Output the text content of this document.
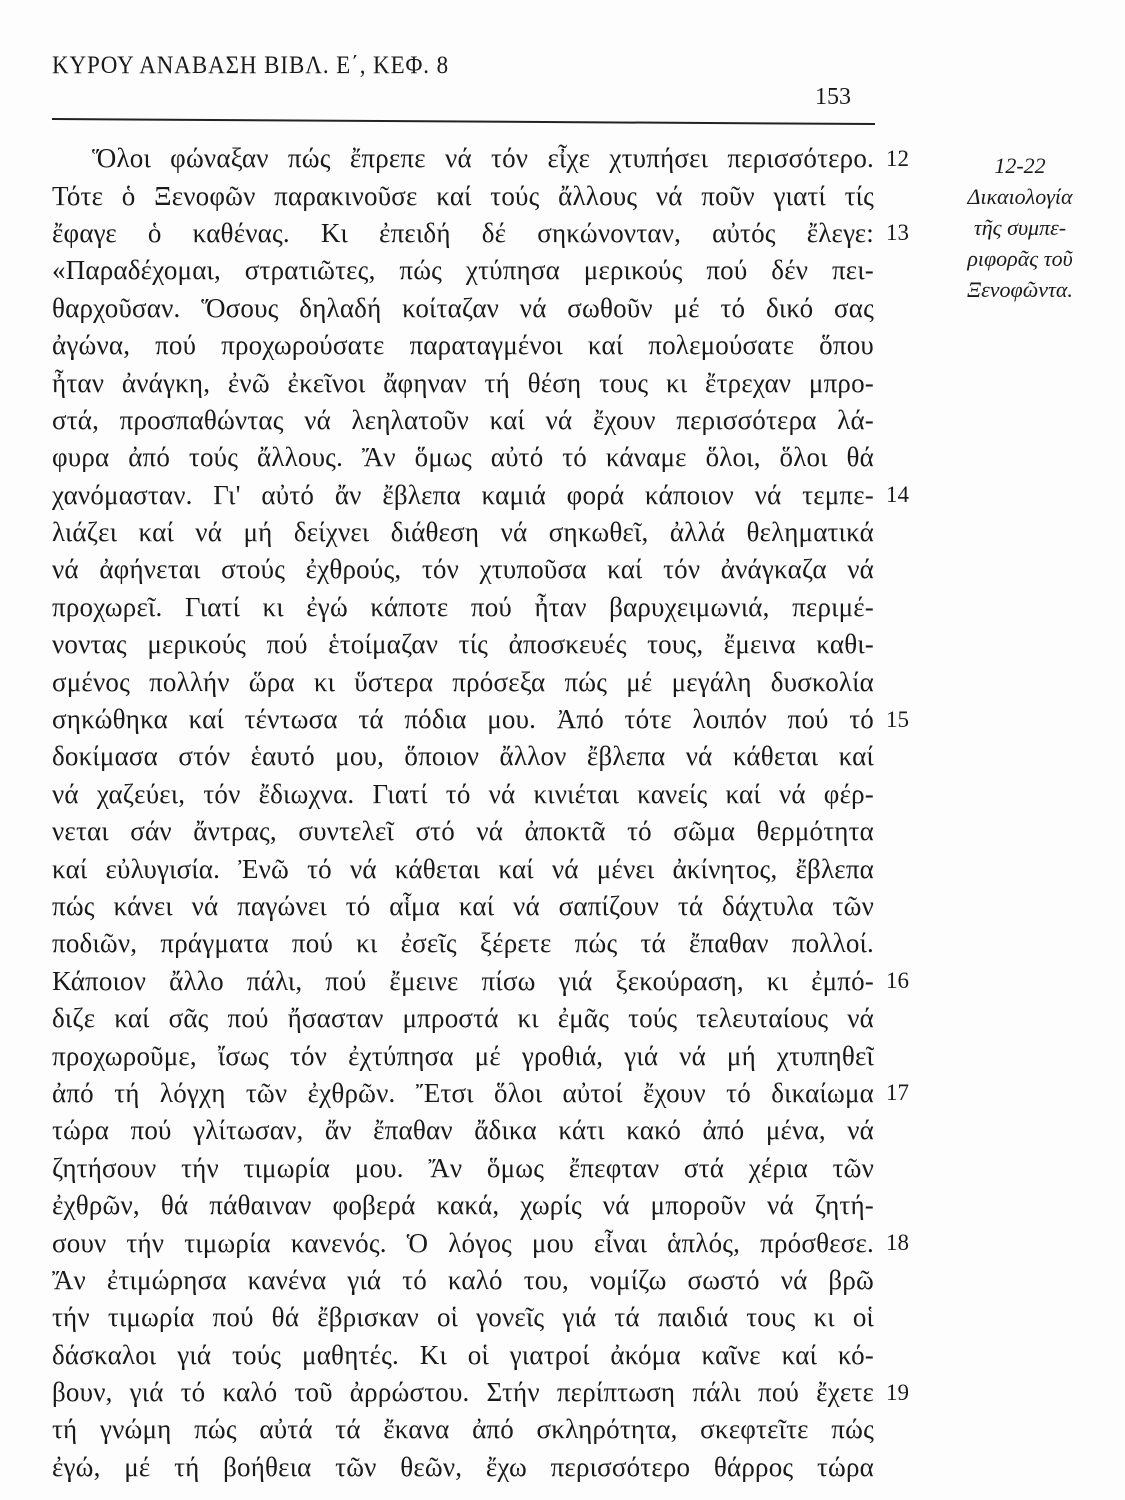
ΚΥΡΟΥ ΑΝΑΒΑΣΗ ΒΙΒΛ. Ε΄, ΚΕΦ. 8
153
Ὅλοι φώναξαν πώς ἔπρεπε νά τόν εἶχε χτυπήσει περισσότερο. 12
Τότε ὁ Ξενοφῶν παρακινοῦσε καί τούς ἄλλους νά ποῦν γιατί τίς
ἔφαγε ὁ καθένας. Κι ἐπειδή δέ σηκώνονταν, αὐτός ἔλεγε: 13
«Παραδέχομαι, στρατιῶτες, πώς χτύπησα μερικούς πού δέν πει-
θαρχοῦσαν. Ὅσους δηλαδή κοίταζαν νά σωθοῦν μέ τό δικό σας
ἀγώνα, πού προχωρούσατε παραταγμένοι καί πολεμούσατε ὅπου
ἦταν ἀνάγκη, ἐνῶ ἐκεῖνοι ἄφηναν τή θέση τους κι ἔτρεχαν μπρο-
στά, προσπαθώντας νά λεηλατοῦν καί νά ἔχουν περισσότερα λά-
φυρα ἀπό τούς ἄλλους. Ἄν ὅμως αὐτό τό κάναμε ὅλοι, ὅλοι θά
χανόμασταν. Γι' αὐτό ἄν ἔβλεπα καμιά φορά κάποιον νά τεμπε- 14
λιάζει καί νά μή δείχνει διάθεση νά σηκωθεῖ, ἀλλά θεληματικά
νά ἀφήνεται στούς ἐχθρούς, τόν χτυποῦσα καί τόν ἀνάγκαζα νά
προχωρεῖ. Γιατί κι ἐγώ κάποτε πού ἦταν βαρυχειμωνιά, περιμέ-
νοντας μερικούς πού ἑτοίμαζαν τίς ἀποσκευές τους, ἔμεινα καθι-
σμένος πολλήν ὥρα κι ὕστερα πρόσεξα πώς μέ μεγάλη δυσκολία
σηκώθηκα καί τέντωσα τά πόδια μου. Ἀπό τότε λοιπόν πού τό 15
δοκίμασα στόν ἑαυτό μου, ὅποιον ἄλλον ἔβλεπα νά κάθεται καί
νά χαζεύει, τόν ἔδιωχνα. Γιατί τό νά κινιέται κανείς καί νά φέρ-
νεται σάν ἄντρας, συντελεῖ στό νά ἀποκτᾶ τό σῶμα θερμότητα
καί εὐλυγισία. Ἐνῶ τό νά κάθεται καί νά μένει ἀκίνητος, ἔβλεπα
πώς κάνει νά παγώνει τό αἷμα καί νά σαπίζουν τά δάχτυλα τῶν
ποδιῶν, πράγματα πού κι ἐσεῖς ξέρετε πώς τά ἔπαθαν πολλοί.
Κάποιον ἄλλο πάλι, πού ἔμεινε πίσω γιά ξεκούραση, κι ἐμπό- 16
διζε καί σᾶς πού ἤσασταν μπροστά κι ἐμᾶς τούς τελευταίους νά
προχωροῦμε, ἴσως τόν ἐχτύπησα μέ γροθιά, γιά νά μή χτυπηθεῖ
ἀπό τή λόγχη τῶν ἐχθρῶν. Ἔτσι ὅλοι αὐτοί ἔχουν τό δικαίωμα 17
τώρα πού γλίτωσαν, ἄν ἔπαθαν ἄδικα κάτι κακό ἀπό μένα, νά
ζητήσουν τήν τιμωρία μου. Ἄν ὅμως ἔπεφταν στά χέρια τῶν
ἐχθρῶν, θά πάθαιναν φοβερά κακά, χωρίς νά μποροῦν νά ζητή-
σουν τήν τιμωρία κανενός. Ὁ λόγος μου εἶναι ἁπλός, πρόσθεσε. 18
Ἄν ἐτιμώρησα κανένα γιά τό καλό του, νομίζω σωστό νά βρῶ
τήν τιμωρία πού θά ἔβρισκαν οἱ γονεῖς γιά τά παιδιά τους κι οἱ
δάσκαλοι γιά τούς μαθητές. Κι οἱ γιατροί ἀκόμα καῖνε καί κό-
βουν, γιά τό καλό τοῦ ἀρρώστου. Στήν περίπτωση πάλι πού ἔχετε 19
τή γνώμη πώς αὐτά τά ἔκανα ἀπό σκληρότητα, σκεφτεῖτε πώς
ἐγώ, μέ τή βοήθεια τῶν θεῶν, ἔχω περισσότερο θάρρος τώρα
12-22
Δικαιολογία
τῆς συμπε-
ριφορᾶς τοῦ
Ξενοφῶντα.
